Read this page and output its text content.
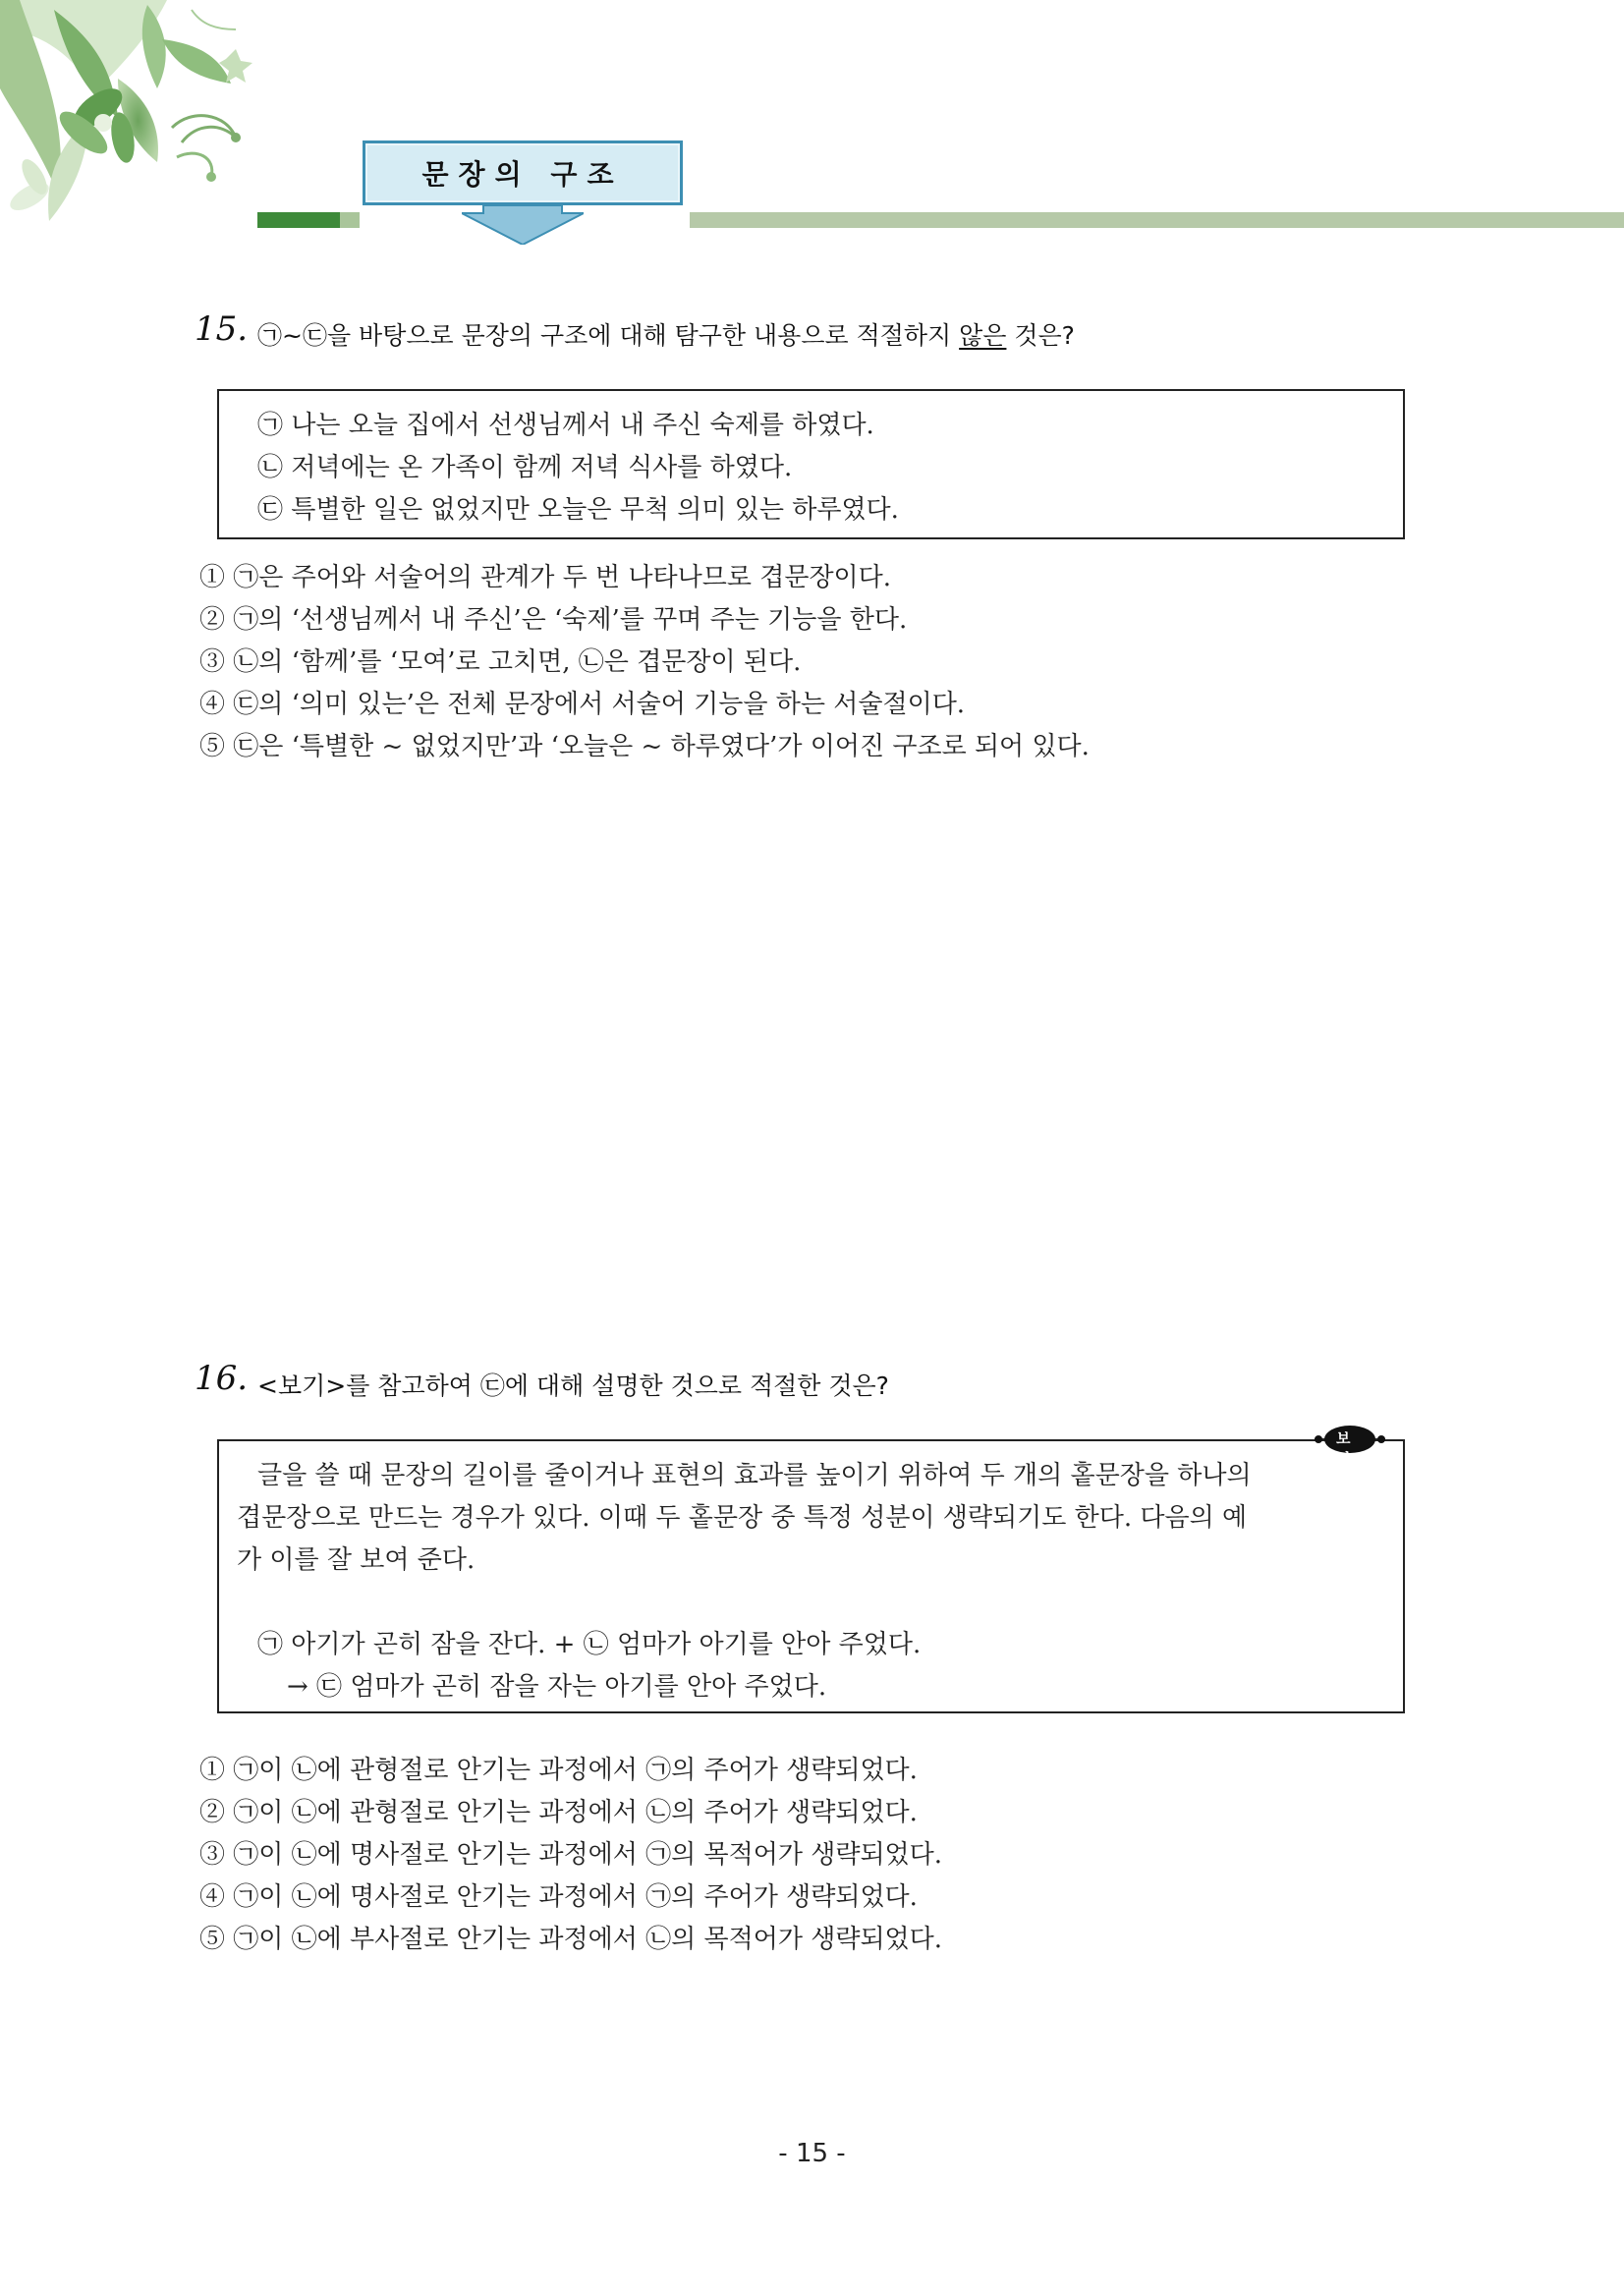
문장의 구조
15. ㉠~㉢을 바탕으로 문장의 구조에 대해 탐구한 내용으로 적절하지 않은 것은?
㉠ 나는 오늘 집에서 선생님께서 내 주신 숙제를 하였다.
㉡ 저녁에는 온 가족이 함께 저녁 식사를 하였다.
㉢ 특별한 일은 없었지만 오늘은 무척 의미 있는 하루였다.
① ㉠은 주어와 서술어의 관계가 두 번 나타나므로 겹문장이다.
② ㉠의 ‘선생님께서 내 주신’은 ‘숙제’를 꾸며 주는 기능을 한다.
③ ㉡의 ‘함께’를 ‘모여’로 고치면, ㉡은 겹문장이 된다.
④ ㉢의 ‘의미 있는’은 전체 문장에서 서술어 기능을 하는 서술절이다.
⑤ ㉢은 ‘특별한 ~ 없었지만’과 ‘오늘은 ~ 하루였다’가 이어진 구조로 되어 있다.
16. <보기>를 참고하여 ㉢에 대해 설명한 것으로 적절한 것은?
보기
글을 쓸 때 문장의 길이를 줄이거나 표현의 효과를 높이기 위하여 두 개의 홑문장을 하나의
겹문장으로 만드는 경우가 있다. 이때 두 홑문장 중 특정 성분이 생략되기도 한다. 다음의 예
가 이를 잘 보여 준다.
㉠ 아기가 곤히 잠을 잔다. + ㉡ 엄마가 아기를 안아 주었다.
→ ㉢ 엄마가 곤히 잠을 자는 아기를 안아 주었다.
① ㉠이 ㉡에 관형절로 안기는 과정에서 ㉠의 주어가 생략되었다.
② ㉠이 ㉡에 관형절로 안기는 과정에서 ㉡의 주어가 생략되었다.
③ ㉠이 ㉡에 명사절로 안기는 과정에서 ㉠의 목적어가 생략되었다.
④ ㉠이 ㉡에 명사절로 안기는 과정에서 ㉠의 주어가 생략되었다.
⑤ ㉠이 ㉡에 부사절로 안기는 과정에서 ㉡의 목적어가 생략되었다.
- 15 -
